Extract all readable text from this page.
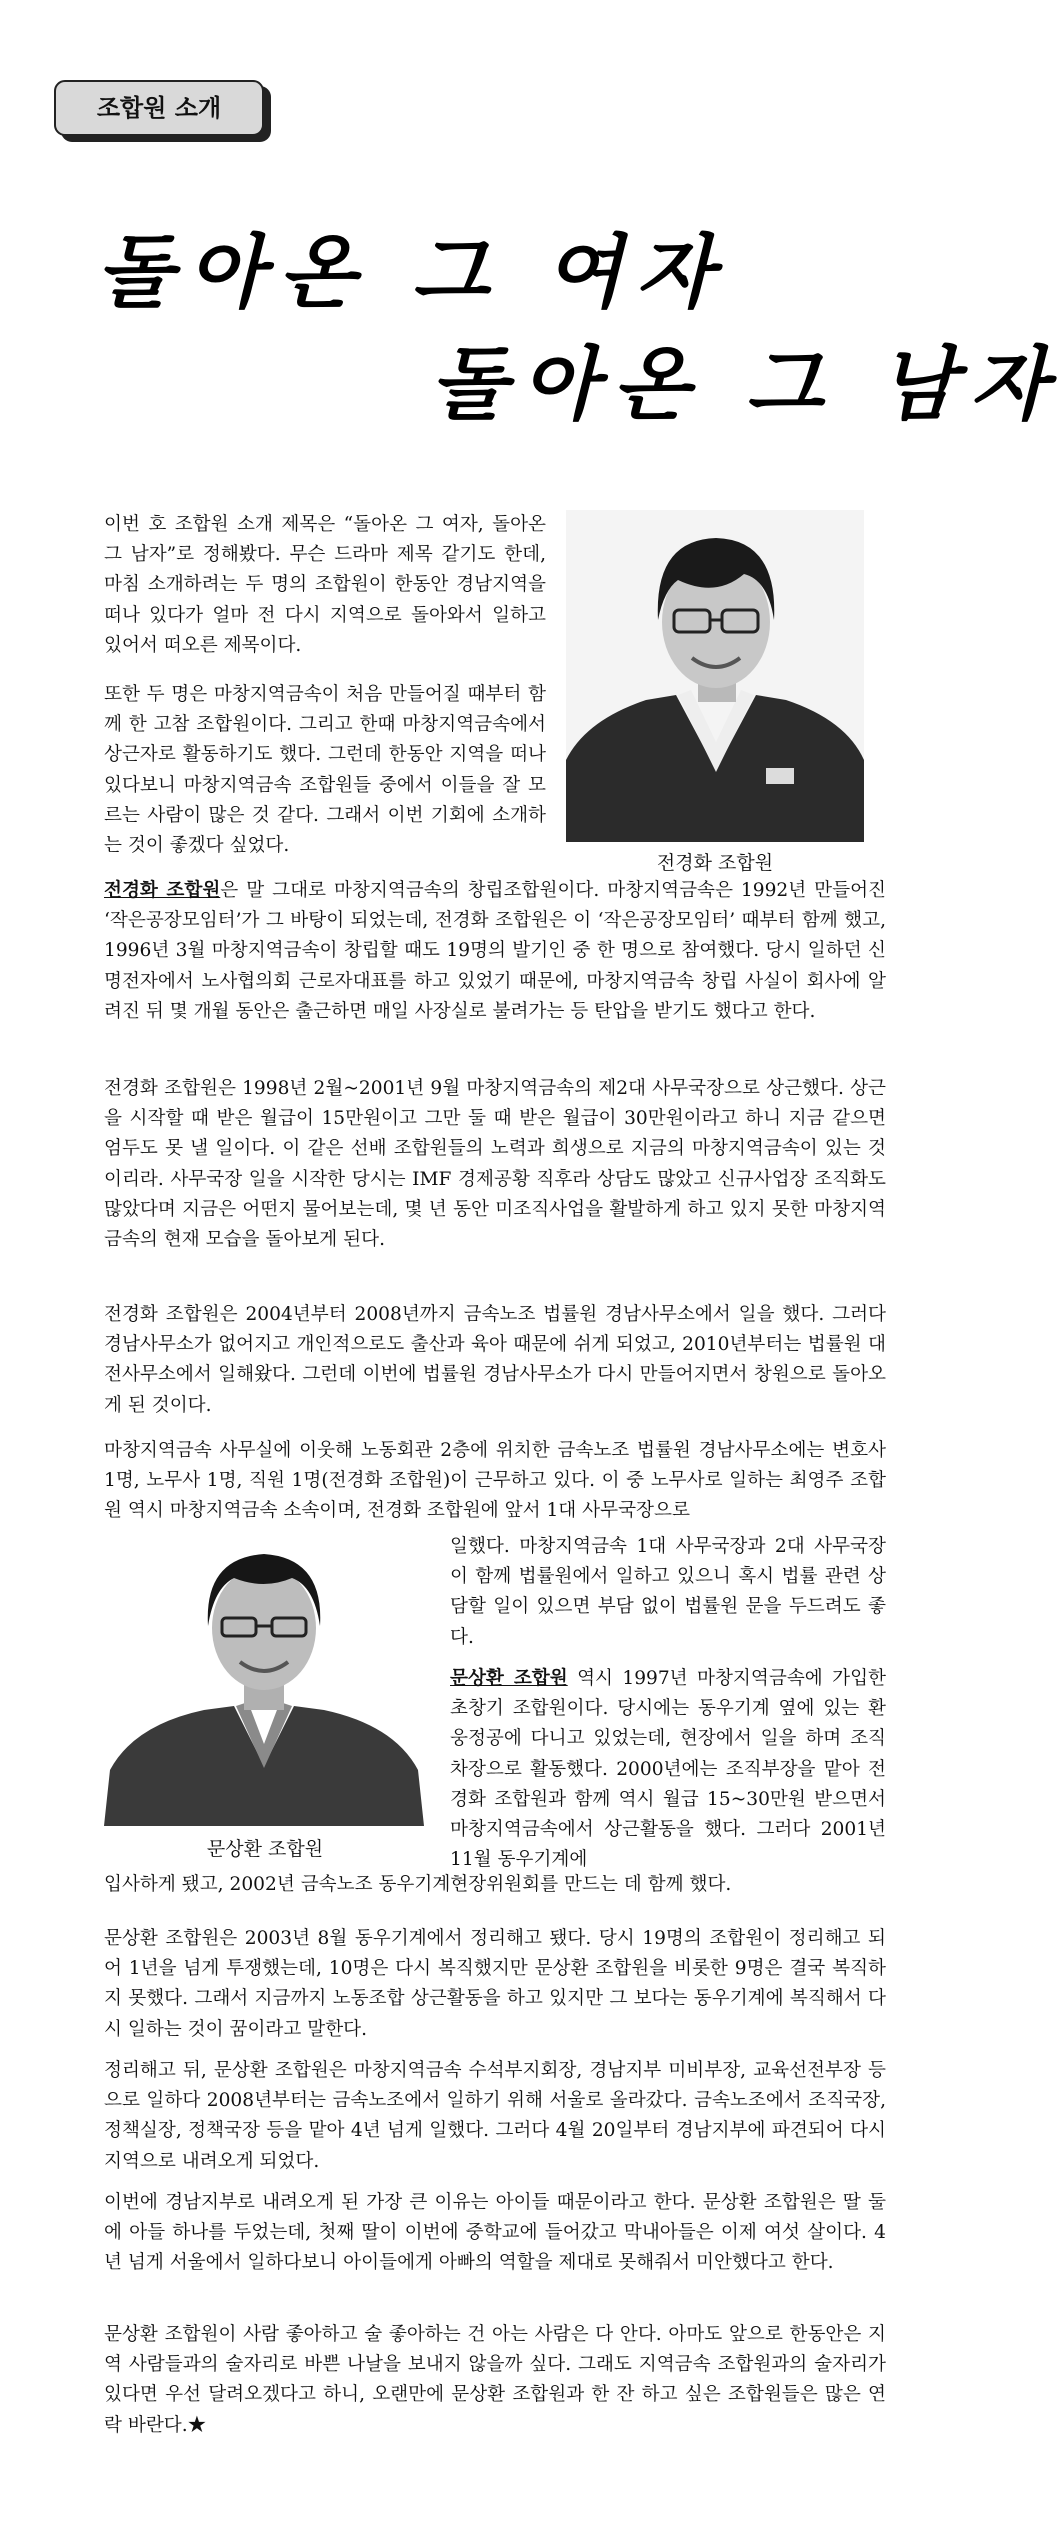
조합원 소개
돌아온 그 여자
돌아온 그 남자

이번 호 조합원 소개 제목은 “돌아온 그 여자, 돌아온 그 남자”로 정해봤다. 무슨 드라마 제목 같기도 한데, 마침 소개하려는 두 명의 조합원이 한동안 경남지역을 떠나 있다가 얼마 전 다시 지역으로 돌아와서 일하고 있어서 떠오른 제목이다.

또한 두 명은 마창지역금속이 처음 만들어질 때부터 함께 한 고참 조합원이다. 그리고 한때 마창지역금속에서 상근자로 활동하기도 했다. 그런데 한동안 지역을 떠나 있다보니 마창지역금속 조합원들 중에서 이들을 잘 모르는 사람이 많은 것 같다. 그래서 이번 기회에 소개하는 것이 좋겠다 싶었다.

전경화 조합원

전경화 조합원은 말 그대로 마창지역금속의 창립조합원이다. 마창지역금속은 1992년 만들어진 ‘작은공장모임터’가 그 바탕이 되었는데, 전경화 조합원은 이 ‘작은공장모임터’ 때부터 함께 했고, 1996년 3월 마창지역금속이 창립할 때도 19명의 발기인 중 한 명으로 참여했다. 당시 일하던 신명전자에서 노사협의회 근로자대표를 하고 있었기 때문에, 마창지역금속 창립 사실이 회사에 알려진 뒤 몇 개월 동안은 출근하면 매일 사장실로 불려가는 등 탄압을 받기도 했다고 한다.

전경화 조합원은 1998년 2월~2001년 9월 마창지역금속의 제2대 사무국장으로 상근했다. 상근을 시작할 때 받은 월급이 15만원이고 그만 둘 때 받은 월급이 30만원이라고 하니 지금 같으면 엄두도 못 낼 일이다. 이 같은 선배 조합원들의 노력과 희생으로 지금의 마창지역금속이 있는 것이리라. 사무국장 일을 시작한 당시는 IMF 경제공황 직후라 상담도 많았고 신규사업장 조직화도 많았다며 지금은 어떤지 물어보는데, 몇 년 동안 미조직사업을 활발하게 하고 있지 못한 마창지역금속의 현재 모습을 돌아보게 된다.

전경화 조합원은 2004년부터 2008년까지 금속노조 법률원 경남사무소에서 일을 했다. 그러다 경남사무소가 없어지고 개인적으로도 출산과 육아 때문에 쉬게 되었고, 2010년부터는 법률원 대전사무소에서 일해왔다. 그런데 이번에 법률원 경남사무소가 다시 만들어지면서 창원으로 돌아오게 된 것이다.

마창지역금속 사무실에 이웃해 노동회관 2층에 위치한 금속노조 법률원 경남사무소에는 변호사 1명, 노무사 1명, 직원 1명(전경화 조합원)이 근무하고 있다. 이 중 노무사로 일하는 최영주 조합원 역시 마창지역금속 소속이며, 전경화 조합원에 앞서 1대 사무국장으로

문상환 조합원

일했다. 마창지역금속 1대 사무국장과 2대 사무국장이 함께 법률원에서 일하고 있으니 혹시 법률 관련 상담할 일이 있으면 부담 없이 법률원 문을 두드려도 좋다.

문상환 조합원 역시 1997년 마창지역금속에 가입한 초창기 조합원이다. 당시에는 동우기계 옆에 있는 환웅정공에 다니고 있었는데, 현장에서 일을 하며 조직차장으로 활동했다. 2000년에는 조직부장을 맡아 전경화 조합원과 함께 역시 월급 15~30만원 받으면서 마창지역금속에서 상근활동을 했다. 그러다 2001년 11월 동우기계에

입사하게 됐고, 2002년 금속노조 동우기계현장위원회를 만드는 데 함께 했다.

문상환 조합원은 2003년 8월 동우기계에서 정리해고 됐다. 당시 19명의 조합원이 정리해고 되어 1년을 넘게 투쟁했는데, 10명은 다시 복직했지만 문상환 조합원을 비롯한 9명은 결국 복직하지 못했다. 그래서 지금까지 노동조합 상근활동을 하고 있지만 그 보다는 동우기계에 복직해서 다시 일하는 것이 꿈이라고 말한다.

정리해고 뒤, 문상환 조합원은 마창지역금속 수석부지회장, 경남지부 미비부장, 교육선전부장 등으로 일하다 2008년부터는 금속노조에서 일하기 위해 서울로 올라갔다. 금속노조에서 조직국장, 정책실장, 정책국장 등을 맡아 4년 넘게 일했다. 그러다 4월 20일부터 경남지부에 파견되어 다시 지역으로 내려오게 되었다.

이번에 경남지부로 내려오게 된 가장 큰 이유는 아이들 때문이라고 한다. 문상환 조합원은 딸 둘에 아들 하나를 두었는데, 첫째 딸이 이번에 중학교에 들어갔고 막내아들은 이제 여섯 살이다. 4년 넘게 서울에서 일하다보니 아이들에게 아빠의 역할을 제대로 못해줘서 미안했다고 한다.

문상환 조합원이 사람 좋아하고 술 좋아하는 건 아는 사람은 다 안다. 아마도 앞으로 한동안은 지역 사람들과의 술자리로 바쁜 나날을 보내지 않을까 싶다. 그래도 지역금속 조합원과의 술자리가 있다면 우선 달려오겠다고 하니, 오랜만에 문상환 조합원과 한 잔 하고 싶은 조합원들은 많은 연락 바란다.★
